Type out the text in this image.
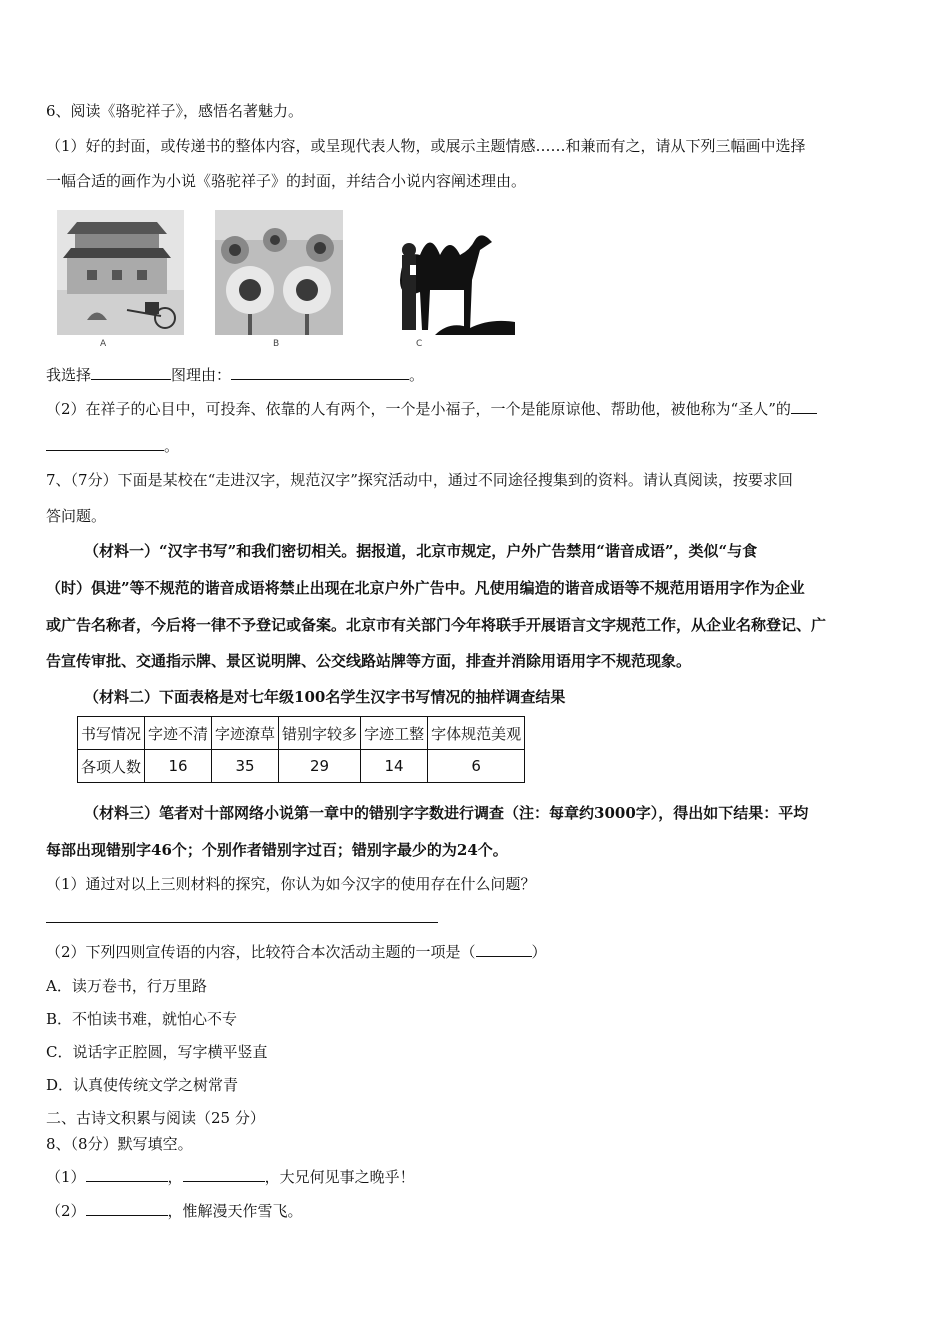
6、阅读《骆驼祥子》，感悟名著魅力。
（1）好的封面，或传递书的整体内容，或呈现代表人物，或展示主题情感……和兼而有之，请从下列三幅画中选择
一幅合适的画作为小说《骆驼祥子》的封面，并结合小说内容阐述理由。
A	B	C
我选择	图理由：	。
（2）在祥子的心目中，可投奔、依靠的人有两个，一个是小福子，一个是能原谅他、帮助他，被他称为“圣人”的
。
7、（7分）下面是某校在“走进汉字，规范汉字”探究活动中，通过不同途径搜集到的资料。请认真阅读，按要求回
答问题。
（材料一）“汉字书写”和我们密切相关。据报道，北京市规定，户外广告禁用“谐音成语”，类似“与食
（时）俱进”等不规范的谐音成语将禁止出现在北京户外广告中。凡使用编造的谐音成语等不规范用语用字作为企业
或广告名称者，今后将一律不予登记或备案。北京市有关部门今年将联手开展语言文字规范工作，从企业名称登记、广
告宣传审批、交通指示牌、景区说明牌、公交线路站牌等方面，排查并消除用语用字不规范现象。
（材料二）下面表格是对七年级100名学生汉字书写情况的抽样调查结果
书写情况	字迹不清	字迹潦草	错别字较多	字迹工整	字体规范美观
各项人数	16	35	29	14	6
（材料三）笔者对十部网络小说第一章中的错别字字数进行调查（注：每章约3000字），得出如下结果：平均
每部出现错别字46个；个别作者错别字过百；错别字最少的为24个。
（1）通过对以上三则材料的探究，你认为如今汉字的使用存在什么问题？
（2）下列四则宣传语的内容，比较符合本次活动主题的一项是（	）
A．读万卷书，行万里路
B．不怕读书难，就怕心不专
C．说话字正腔圆，写字横平竖直
D．认真使传统文学之树常青
二、古诗文积累与阅读（25 分）
8、（8分）默写填空。
（1）	，	，大兄何见事之晚乎！
（2）	，惟解漫天作雪飞。
